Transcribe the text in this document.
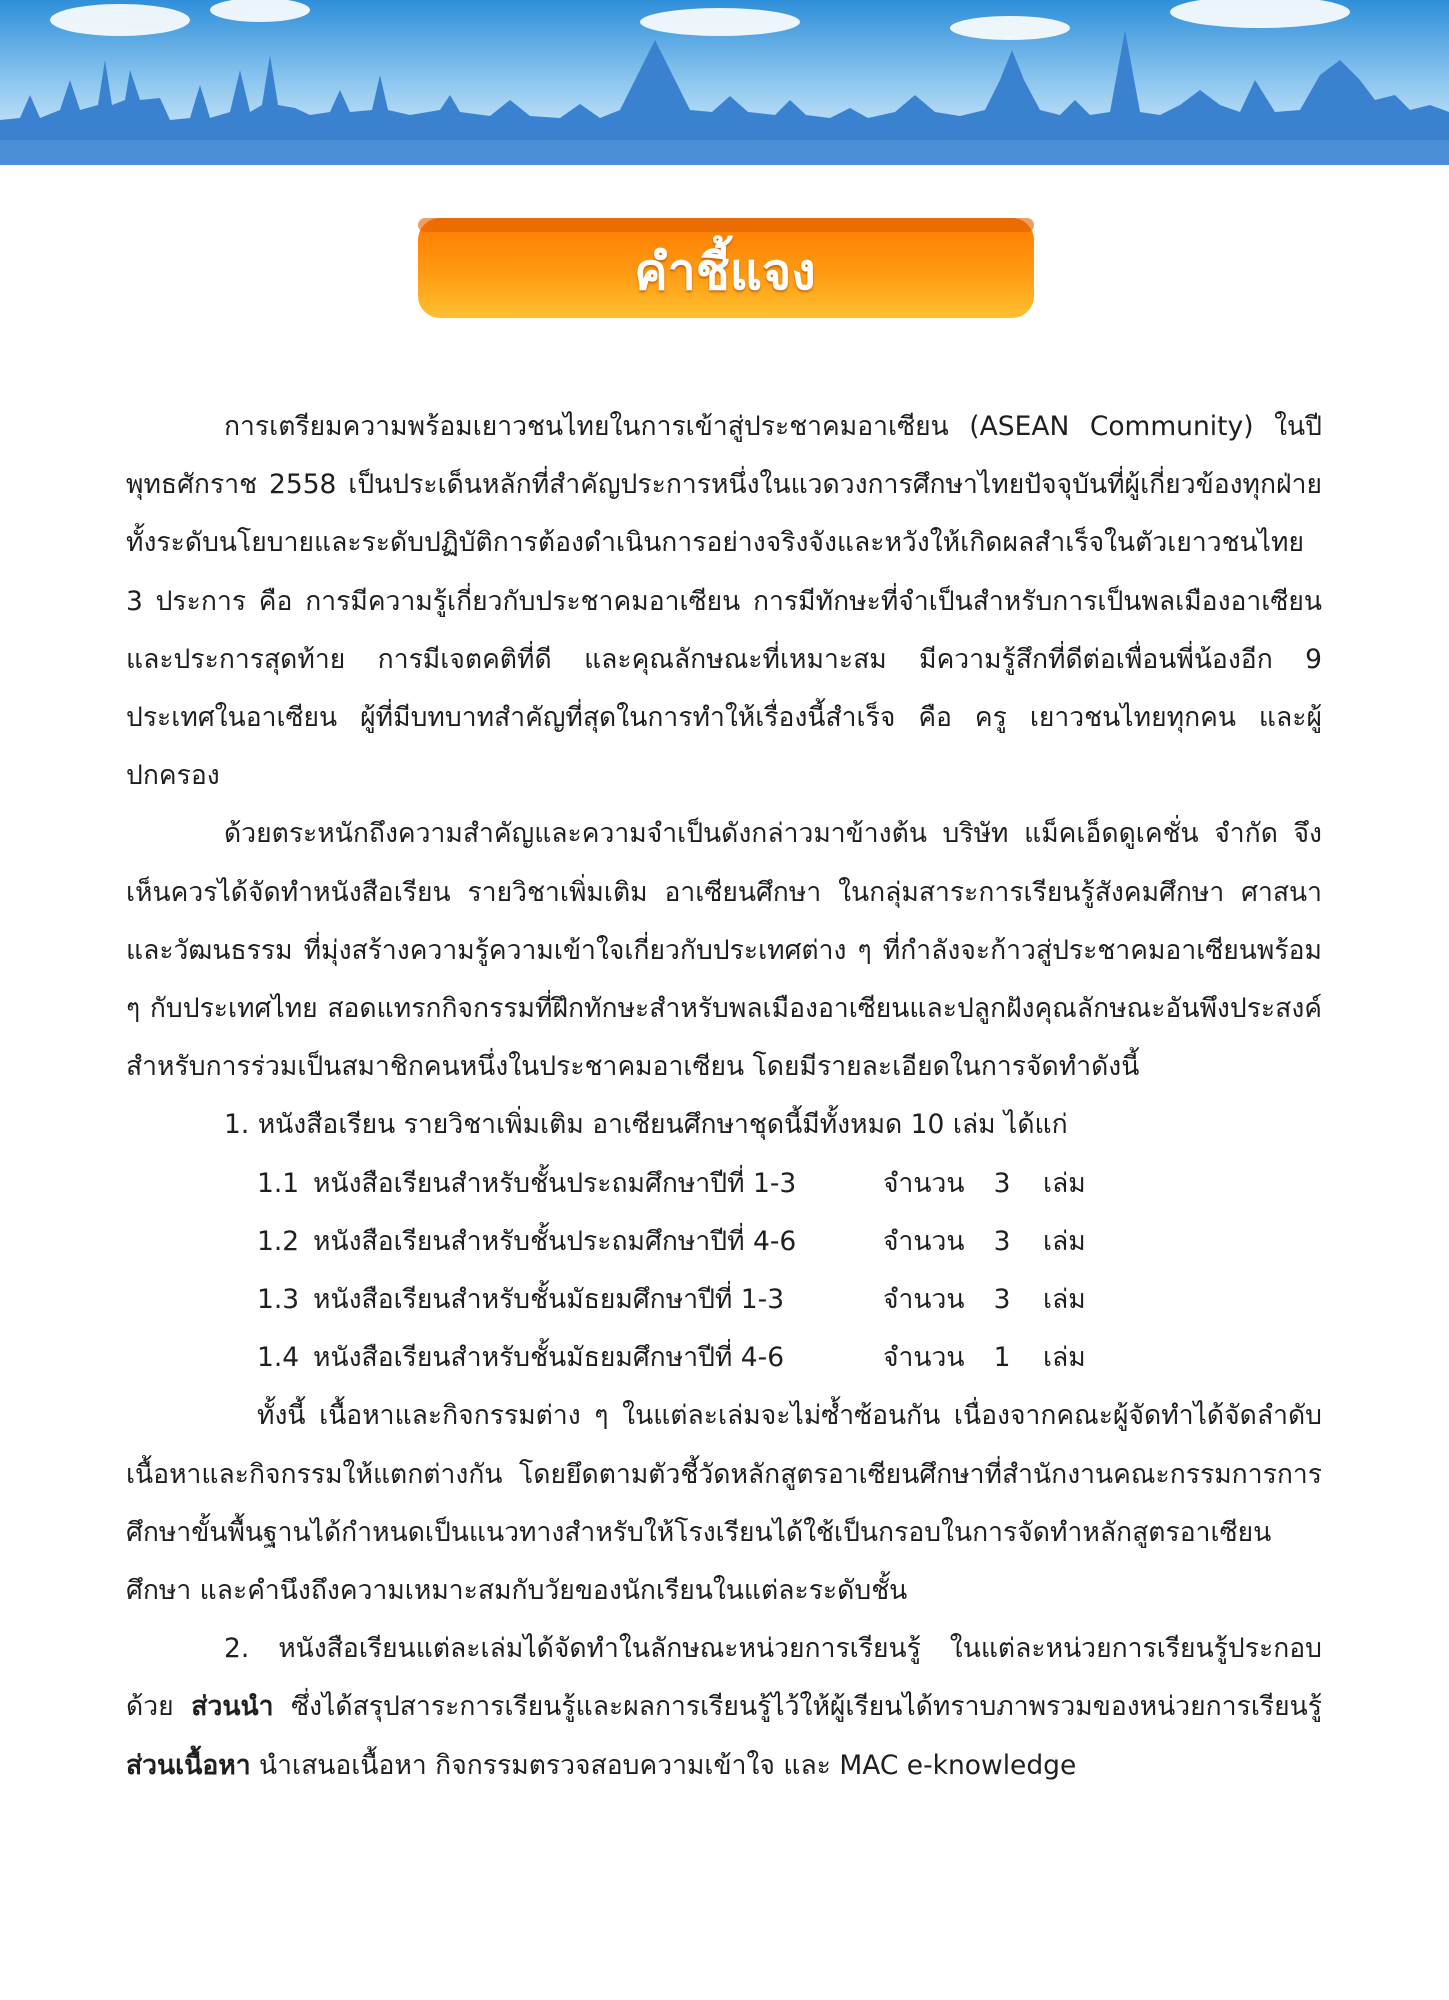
คำชี้แจง

การเตรียมความพร้อมเยาวชนไทยในการเข้าสู่ประชาคมอาเซียน (ASEAN Community) ในปีพุทธศักราช 2558 เป็นประเด็นหลักที่สำคัญประการหนึ่งในแวดวงการศึกษาไทยปัจจุบันที่ผู้เกี่ยวข้องทุกฝ่ายทั้งระดับนโยบายและระดับปฏิบัติการต้องดำเนินการอย่างจริงจังและหวังให้เกิดผลสำเร็จในตัวเยาวชนไทย 3 ประการ คือ การมีความรู้เกี่ยวกับประชาคมอาเซียน การมีทักษะที่จำเป็นสำหรับการเป็นพลเมืองอาเซียน และประการสุดท้าย การมีเจตคติที่ดี และคุณลักษณะที่เหมาะสม มีความรู้สึกที่ดีต่อเพื่อนพี่น้องอีก 9 ประเทศในอาเซียน ผู้ที่มีบทบาทสำคัญที่สุดในการทำให้เรื่องนี้สำเร็จ คือ ครู เยาวชนไทยทุกคน และผู้ปกครอง

ด้วยตระหนักถึงความสำคัญและความจำเป็นดังกล่าวมาข้างต้น บริษัท แม็คเอ็ดดูเคชั่น จำกัด จึงเห็นควรได้จัดทำหนังสือเรียน รายวิชาเพิ่มเติม อาเซียนศึกษา ในกลุ่มสาระการเรียนรู้สังคมศึกษา ศาสนาและวัฒนธรรม ที่มุ่งสร้างความรู้ความเข้าใจเกี่ยวกับประเทศต่าง ๆ ที่กำลังจะก้าวสู่ประชาคมอาเซียนพร้อม ๆ กับประเทศไทย สอดแทรกกิจกรรมที่ฝึกทักษะสำหรับพลเมืองอาเซียนและปลูกฝังคุณลักษณะอันพึงประสงค์สำหรับการร่วมเป็นสมาชิกคนหนึ่งในประชาคมอาเซียน โดยมีรายละเอียดในการจัดทำดังนี้

1. หนังสือเรียน รายวิชาเพิ่มเติม อาเซียนศึกษาชุดนี้มีทั้งหมด 10 เล่ม ได้แก่

1.1 หนังสือเรียนสำหรับชั้นประถมศึกษาปีที่ 1-3	จำนวน	3	เล่ม
1.2 หนังสือเรียนสำหรับชั้นประถมศึกษาปีที่ 4-6	จำนวน	3	เล่ม
1.3 หนังสือเรียนสำหรับชั้นมัธยมศึกษาปีที่ 1-3	จำนวน	3	เล่ม
1.4 หนังสือเรียนสำหรับชั้นมัธยมศึกษาปีที่ 4-6	จำนวน	1	เล่ม

ทั้งนี้ เนื้อหาและกิจกรรมต่าง ๆ ในแต่ละเล่มจะไม่ซ้ำซ้อนกัน เนื่องจากคณะผู้จัดทำได้จัดลำดับเนื้อหาและกิจกรรมให้แตกต่างกัน โดยยึดตามตัวชี้วัดหลักสูตรอาเซียนศึกษาที่สำนักงานคณะกรรมการการศึกษาขั้นพื้นฐานได้กำหนดเป็นแนวทางสำหรับให้โรงเรียนได้ใช้เป็นกรอบในการจัดทำหลักสูตรอาเซียนศึกษา และคำนึงถึงความเหมาะสมกับวัยของนักเรียนในแต่ละระดับชั้น

2. หนังสือเรียนแต่ละเล่มได้จัดทำในลักษณะหน่วยการเรียนรู้ ในแต่ละหน่วยการเรียนรู้ประกอบด้วย ส่วนนำ ซึ่งได้สรุปสาระการเรียนรู้และผลการเรียนรู้ไว้ให้ผู้เรียนได้ทราบภาพรวมของหน่วยการเรียนรู้ ส่วนเนื้อหา นำเสนอเนื้อหา กิจกรรมตรวจสอบความเข้าใจ และ MAC e-knowledge
